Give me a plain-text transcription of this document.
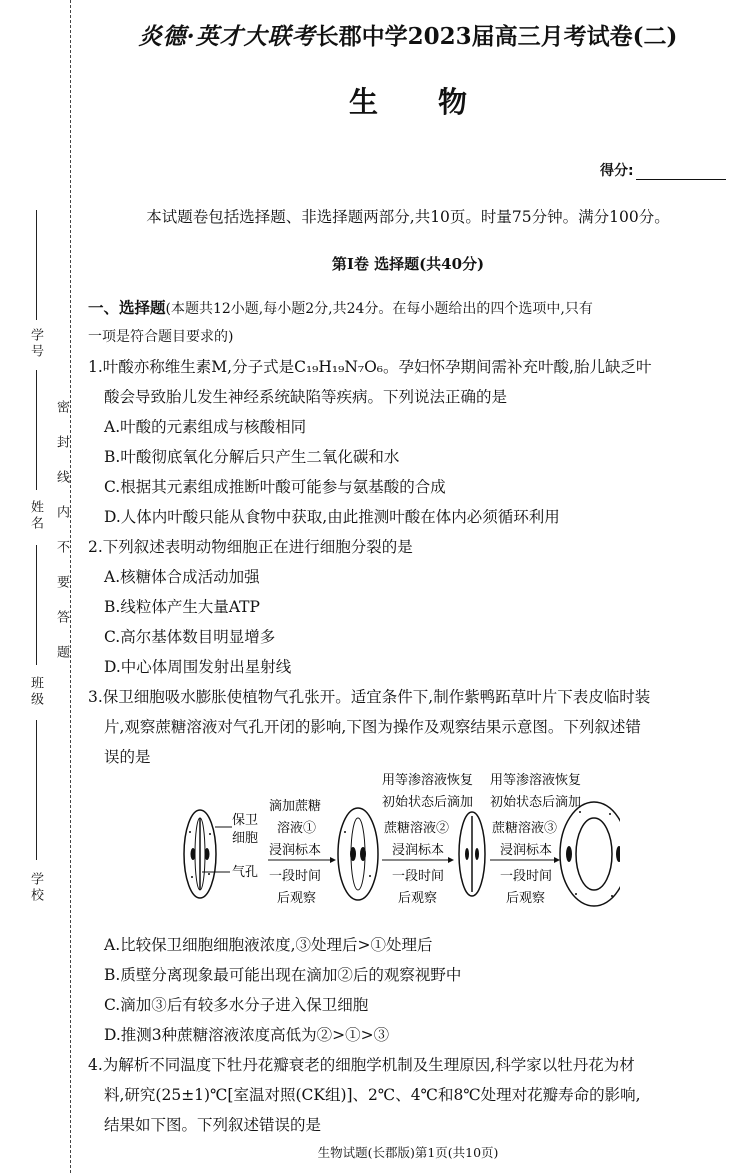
学号
姓名
班级
学校
密封线内不要答题
炎德·英才大联考长郡中学2023届高三月考试卷(二)
生物
得分:
本试题卷包括选择题、非选择题两部分,共10页。时量75分钟。满分100分。
第Ⅰ卷 选择题(共40分)
一、选择题(本题共12小题,每小题2分,共24分。在每小题给出的四个选项中,只有
一项是符合题目要求的)
1.叶酸亦称维生素M,分子式是C₁₉H₁₉N₇O₆。孕妇怀孕期间需补充叶酸,胎儿缺乏叶
酸会导致胎儿发生神经系统缺陷等疾病。下列说法正确的是
A.叶酸的元素组成与核酸相同
B.叶酸彻底氧化分解后只产生二氧化碳和水
C.根据其元素组成推断叶酸可能参与氨基酸的合成
D.人体内叶酸只能从食物中获取,由此推测叶酸在体内必须循环利用
2.下列叙述表明动物细胞正在进行细胞分裂的是
A.核糖体合成活动加强
B.线粒体产生大量ATP
C.高尔基体数目明显增多
D.中心体周围发射出星射线
3.保卫细胞吸水膨胀使植物气孔张开。适宜条件下,制作紫鸭跖草叶片下表皮临时装
片,观察蔗糖溶液对气孔开闭的影响,下图为操作及观察结果示意图。下列叙述错
误的是
保卫
细胞
气孔
滴加蔗糖
溶液①
浸润标本
一段时间
后观察
用等渗溶液恢复
初始状态后滴加
蔗糖溶液②
浸润标本
一段时间
后观察
用等渗溶液恢复
初始状态后滴加
蔗糖溶液③
浸润标本
一段时间
后观察
A.比较保卫细胞细胞液浓度,③处理后>①处理后
B.质壁分离现象最可能出现在滴加②后的观察视野中
C.滴加③后有较多水分子进入保卫细胞
D.推测3种蔗糖溶液浓度高低为②>①>③
4.为解析不同温度下牡丹花瓣衰老的细胞学机制及生理原因,科学家以牡丹花为材
料,研究(25±1)℃[室温对照(CK组)]、2℃、4℃和8℃处理对花瓣寿命的影响,
结果如下图。下列叙述错误的是
生物试题(长郡版)第1页(共10页)
